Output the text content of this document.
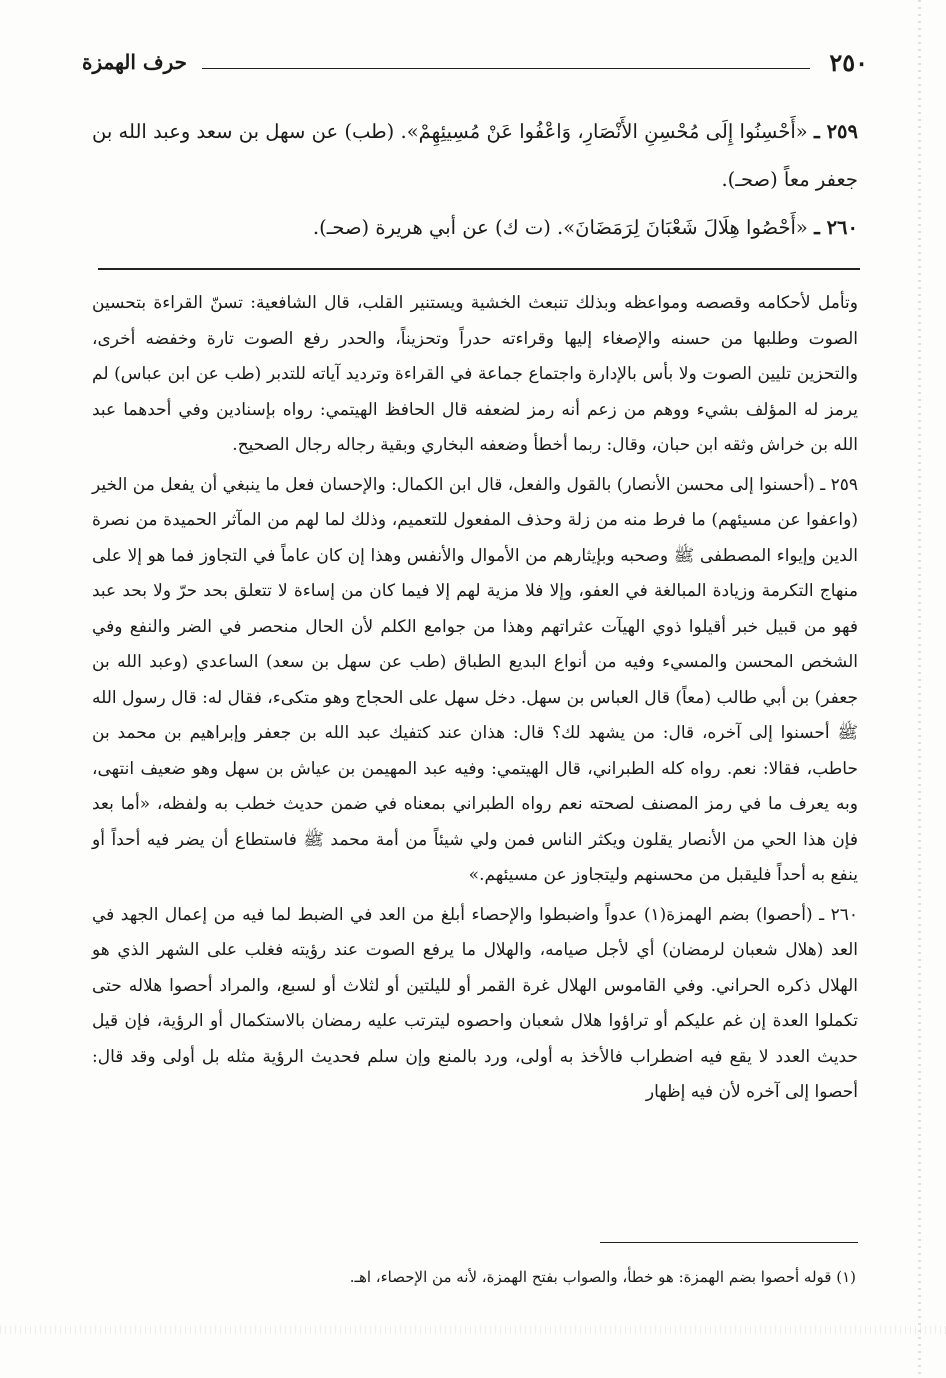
٢٥٠
حرف الهمزة

٢٥٩ ـ «أَحْسِنُوا إِلَى مُحْسِنِ الأَنْصَارِ، وَاعْفُوا عَنْ مُسِيئِهِمْ». (طب) عن سهل بن سعد وعبد الله بن جعفر معاً (صحـ).

٢٦٠ ـ «أَحْصُوا هِلَالَ شَعْبَانَ لِرَمَضَانَ». (ت ك) عن أبي هريرة (صحـ).

وتأمل لأحكامه وقصصه ومواعظه وبذلك تنبعث الخشية ويستنير القلب، قال الشافعية: تسنّ القراءة بتحسين الصوت وطلبها من حسنه والإصغاء إليها وقراءته حدراً وتحزيناً، والحدر رفع الصوت تارة وخفضه أخرى، والتحزين تليين الصوت ولا بأس بالإدارة واجتماع جماعة في القراءة وترديد آياته للتدبر (طب عن ابن عباس) لم يرمز له المؤلف بشيء ووهم من زعم أنه رمز لضعفه قال الحافظ الهيتمي: رواه بإسنادين وفي أحدهما عبد الله بن خراش وثقه ابن حبان، وقال: ربما أخطأ وضعفه البخاري وبقية رجاله رجال الصحيح.

٢٥٩ ـ (أحسنوا إلى محسن الأنصار) بالقول والفعل، قال ابن الكمال: والإحسان فعل ما ينبغي أن يفعل من الخير (واعفوا عن مسيئهم) ما فرط منه من زلة وحذف المفعول للتعميم، وذلك لما لهم من المآثر الحميدة من نصرة الدين وإيواء المصطفى ﷺ وصحبه وبإيثارهم من الأموال والأنفس وهذا إن كان عاماً في التجاوز فما هو إلا على منهاج التكرمة وزيادة المبالغة في العفو، وإلا فلا مزية لهم إلا فيما كان من إساءة لا تتعلق بحد حرّ ولا بحد عبد فهو من قبيل خبر أقيلوا ذوي الهيآت عثراتهم وهذا من جوامع الكلم لأن الحال منحصر في الضر والنفع وفي الشخص المحسن والمسيء وفيه من أنواع البديع الطباق (طب عن سهل بن سعد) الساعدي (وعبد الله بن جعفر) بن أبي طالب (معاً) قال العباس بن سهل. دخل سهل على الحجاج وهو متكىء، فقال له: قال رسول الله ﷺ أحسنوا إلى آخره، قال: من يشهد لك؟ قال: هذان عند كتفيك عبد الله بن جعفر وإبراهيم بن محمد بن حاطب، فقالا: نعم. رواه كله الطبراني، قال الهيتمي: وفيه عبد المهيمن بن عياش بن سهل وهو ضعيف انتهى، وبه يعرف ما في رمز المصنف لصحته نعم رواه الطبراني بمعناه في ضمن حديث خطب به ولفظه، «أما بعد فإن هذا الحي من الأنصار يقلون ويكثر الناس فمن ولي شيئاً من أمة محمد ﷺ فاستطاع أن يضر فيه أحداً أو ينفع به أحداً فليقبل من محسنهم وليتجاوز عن مسيئهم.»

٢٦٠ ـ (أحصوا) بضم الهمزة(١) عدواً واضبطوا والإحصاء أبلغ من العد في الضبط لما فيه من إعمال الجهد في العد (هلال شعبان لرمضان) أي لأجل صيامه، والهلال ما يرفع الصوت عند رؤيته فغلب على الشهر الذي هو الهلال ذكره الحراني. وفي القاموس الهلال غرة القمر أو لليلتين أو لثلاث أو لسبع، والمراد أحصوا هلاله حتى تكملوا العدة إن غم عليكم أو تراؤوا هلال شعبان واحصوه ليترتب عليه رمضان بالاستكمال أو الرؤية، فإن قيل حديث العدد لا يقع فيه اضطراب فالأخذ به أولى، ورد بالمنع وإن سلم فحديث الرؤية مثله بل أولى وقد قال: أحصوا إلى آخره لأن فيه إظهار

(١) قوله أحصوا بضم الهمزة: هو خطأ، والصواب بفتح الهمزة، لأنه من الإحصاء، اهـ.
